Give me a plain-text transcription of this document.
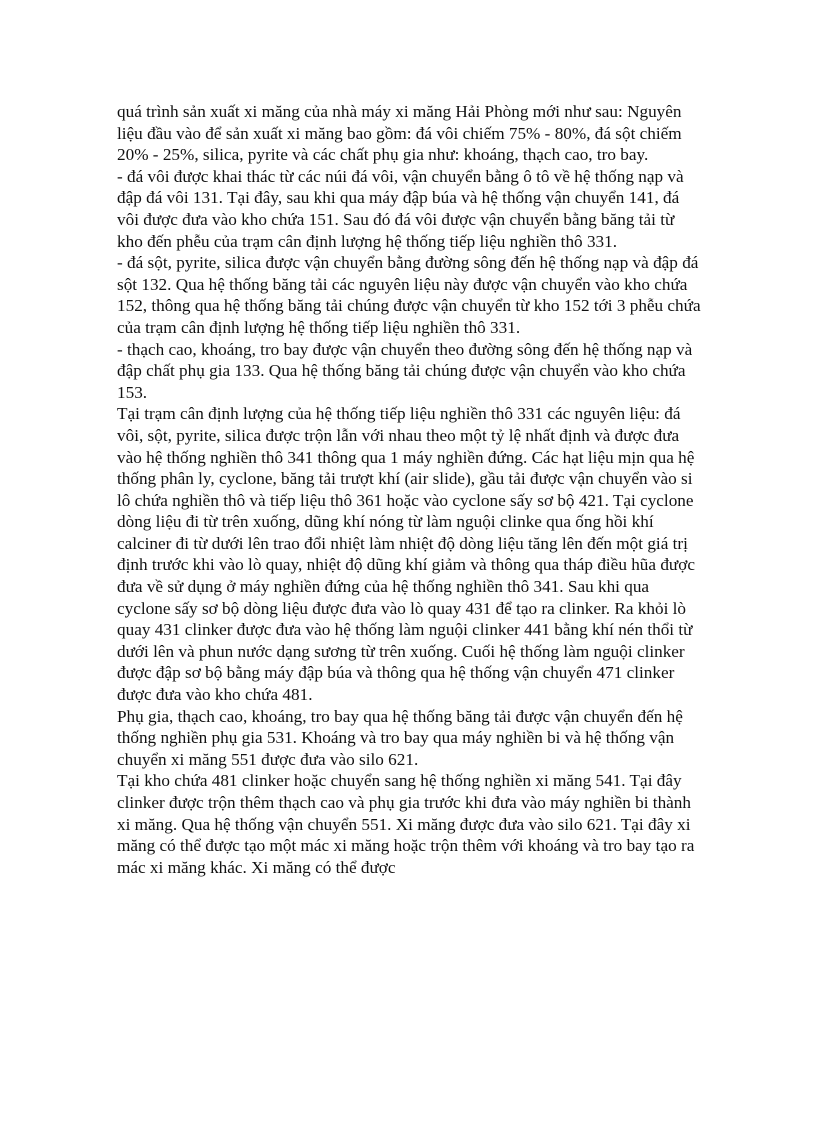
quá trình sản xuất xi măng của nhà máy xi măng Hải Phòng mới như sau: Nguyên liệu đầu vào để sản xuất xi măng bao gồm: đá vôi chiếm 75% - 80%, đá sột chiếm 20% - 25%, silica, pyrite và các chất phụ gia như: khoáng, thạch cao, tro bay.

- đá vôi được khai thác từ các núi đá vôi, vận chuyển bằng ô tô về hệ thống nạp và đập đá vôi 131. Tại đây, sau khi qua máy đập búa và hệ thống vận chuyển 141, đá vôi được đưa vào kho chứa 151. Sau đó đá vôi được vận chuyển bằng băng tải từ kho đến phễu của trạm cân định lượng hệ thống tiếp liệu nghiền thô 331.

- đá sột, pyrite, silica được vận chuyển bằng đường sông đến hệ thống nạp và đập đá sột 132. Qua hệ thống băng tải các nguyên liệu này được vận chuyển vào kho chứa 152, thông qua hệ thống băng tải chúng được vận chuyển từ kho 152 tới 3 phễu chứa của trạm cân định lượng hệ thống tiếp liệu nghiền thô 331.

- thạch cao, khoáng, tro bay được vận chuyển theo đường sông đến hệ thống nạp và đập chất phụ gia 133. Qua hệ thống băng tải chúng được vận chuyển vào kho chứa 153.

Tại trạm cân định lượng của hệ thống tiếp liệu nghiền thô 331 các nguyên liệu: đá vôi, sột, pyrite, silica được trộn lẫn với nhau theo một tỷ lệ nhất định và được đưa vào hệ thống nghiền thô 341 thông qua 1 máy nghiền đứng. Các hạt liệu mịn qua hệ thống phân ly, cyclone, băng tải trượt khí (air slide), gầu tải được vận chuyển vào si lô chứa nghiền thô và tiếp liệu thô 361 hoặc vào cyclone sấy sơ bộ 421. Tại cyclone dòng liệu đi từ trên xuống, dũng khí nóng từ làm nguội clinke qua ống hồi khí calciner đi từ dưới lên trao đổi nhiệt làm nhiệt độ dòng liệu tăng lên đến một giá trị định trước khi vào lò quay, nhiệt độ dũng khí giảm và thông qua tháp điều hũa được đưa về sử dụng ở máy nghiền đứng của hệ thống nghiền thô 341. Sau khi qua cyclone sấy sơ bộ dòng liệu được đưa vào lò quay 431 để tạo ra clinker. Ra khỏi lò quay 431 clinker được đưa vào hệ thống làm nguội clinker 441 bằng khí nén thổi từ dưới lên và phun nước dạng sương từ trên xuống. Cuối hệ thống làm nguội clinker được đập sơ bộ bằng máy đập búa và thông qua hệ thống vận chuyển 471 clinker được đưa vào kho chứa 481.

Phụ gia, thạch cao, khoáng, tro bay qua hệ thống băng tải được vận chuyển đến hệ thống nghiền phụ gia 531. Khoáng và tro bay qua máy nghiền bi và hệ thống vận chuyển xi măng 551 được đưa vào silo 621.

Tại kho chứa 481 clinker hoặc chuyển sang hệ thống nghiền xi măng 541. Tại đây clinker được trộn thêm thạch cao và phụ gia trước khi đưa vào máy nghiền bi thành xi măng. Qua hệ thống vận chuyển 551. Xi măng được đưa vào silo 621. Tại đây xi măng có thể được tạo một mác xi măng hoặc trộn thêm với khoáng và tro bay tạo ra mác xi măng khác. Xi măng có thể được
